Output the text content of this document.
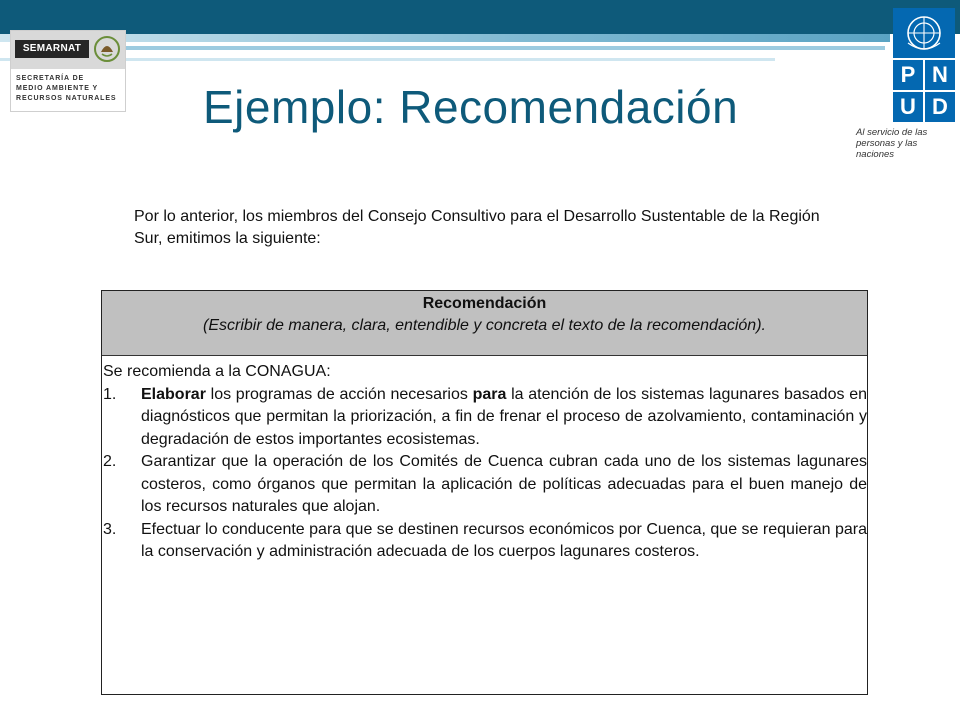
SEMARNAT
SECRETARÍA DE
MEDIO AMBIENTE Y
RECURSOS NATURALES
P N
U D
Al servicio de las personas y las naciones
Ejemplo: Recomendación
Por lo anterior, los miembros del Consejo Consultivo para el Desarrollo Sustentable de la Región Sur, emitimos la siguiente:
Recomendación
(Escribir de manera, clara, entendible y concreta el texto de la recomendación).
Se recomienda a la CONAGUA:
1.	Elaborar los programas de acción necesarios para la atención de los sistemas lagunares basados en diagnósticos que permitan la priorización, a fin de frenar el proceso de azolvamiento, contaminación y degradación de estos importantes ecosistemas.
2.	Garantizar que la operación de los Comités de Cuenca cubran cada uno de los sistemas lagunares costeros, como órganos que permitan la aplicación de políticas adecuadas para el buen manejo de los recursos naturales que alojan.
3.	Efectuar lo conducente para que se destinen recursos económicos por Cuenca, que se requieran para la conservación y administración adecuada de los cuerpos lagunares costeros.
